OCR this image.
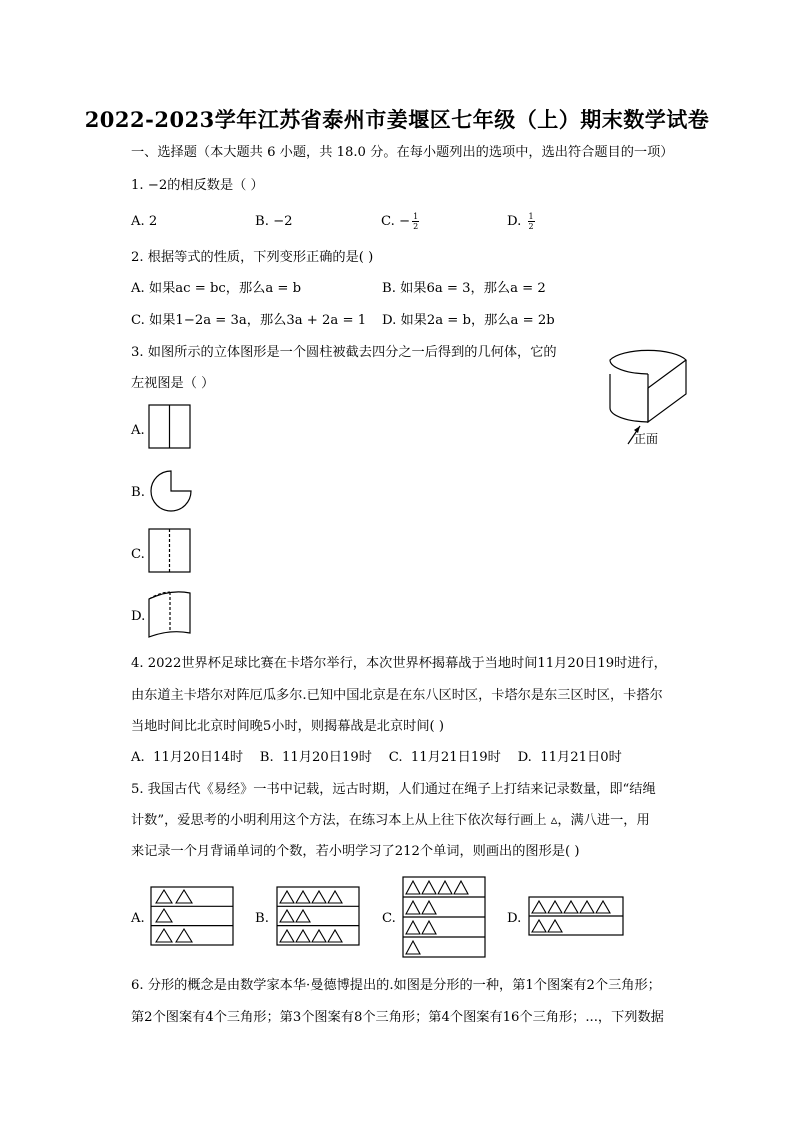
2022-2023学年江苏省泰州市姜堰区七年级（上）期末数学试卷
一、选择题（本大题共 6 小题，共 18.0 分。在每小题列出的选项中，选出符合题目的一项）
1. −2的相反数是（ ）
A. 2	B. −2	C. − $\frac{1}{2}$	D. $\frac{1}{2}$
2. 根据等式的性质，下列变形正确的是( )
A. 如果ac = bc，那么a = b	B. 如果6a = 3，那么a = 2
C. 如果1−2a = 3a，那么3a + 2a = 1 D. 如果2a = b，那么a = 2b
3. 如图所示的立体图形是一个圆柱被截去四分之一后得到的几何体，它的
左视图是（ ）
正面
A.
B.
C.
D.
4. 2022世界杯足球比赛在卡塔尔举行，本次世界杯揭幕战于当地时间11月20日19时进行，
由东道主卡塔尔对阵厄瓜多尔.已知中国北京是在东八区时区，卡塔尔是东三区时区，卡搭尔
当地时间比北京时间晚5小时，则揭幕战是北京时间( )
A.  11月20日14时    B.  11月20日19时    C.  11月21日19时    D.  11月21日0时
5. 我国古代《易经》一书中记载，远古时期，人们通过在绳子上打结来记录数量，即“结绳
计数”，爱思考的小明利用这个方法，在练习本上从上往下依次每行画上 ▵，满八进一，用
来记录一个月背诵单词的个数，若小明学习了212个单词，则画出的图形是( )
A.	B.	C.	D.
6. 分形的概念是由数学家本华·曼德博提出的.如图是分形的一种，第1个图案有2个三角形；
第2个图案有4个三角形；第3个图案有8个三角形；第4个图案有16个三角形；...，下列数据
